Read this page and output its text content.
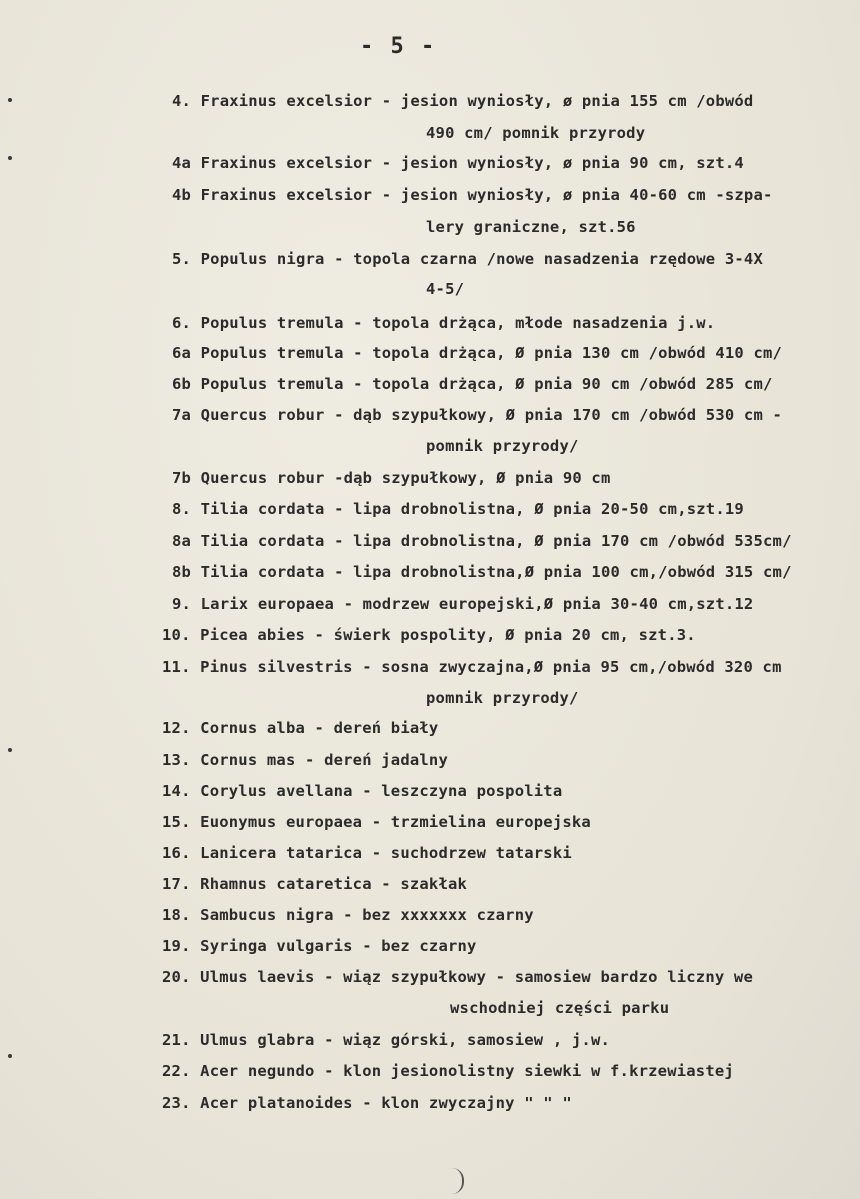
- 5 -
4. Fraxinus excelsior - jesion wyniosły, ø pnia 155 cm /obwód
490 cm/ pomnik przyrody
4a Fraxinus excelsior - jesion wyniosły, ø pnia 90 cm, szt.4
4b Fraxinus excelsior - jesion wyniosły, ø pnia 40-60 cm -szpa-
lery graniczne, szt.56
5. Populus nigra - topola czarna /nowe nasadzenia rzędowe 3-4X
4-5/
6. Populus tremula - topola drżąca, młode nasadzenia j.w.
6a Populus tremula - topola drżąca, Ø pnia 130 cm /obwód 410 cm/
6b Populus tremula - topola drżąca, Ø pnia 90 cm /obwód 285 cm/
7a Quercus robur - dąb szypułkowy, Ø pnia 170 cm /obwód 530 cm -
pomnik przyrody/
7b Quercus robur -dąb szypułkowy, Ø pnia 90 cm
8. Tilia cordata - lipa drobnolistna, Ø pnia 20-50 cm,szt.19
8a Tilia cordata - lipa drobnolistna, Ø pnia 170 cm /obwód 535cm/
8b Tilia cordata - lipa drobnolistna,Ø pnia 100 cm,/obwód 315 cm/
9. Larix europaea - modrzew europejski,Ø pnia 30-40 cm,szt.12
10. Picea abies - świerk pospolity, Ø pnia 20 cm, szt.3.
11. Pinus silvestris - sosna zwyczajna,Ø pnia 95 cm,/obwód 320 cm
pomnik przyrody/
12. Cornus alba - dereń biały
13. Cornus mas - dereń jadalny
14. Corylus avellana - leszczyna pospolita
15. Euonymus europaea - trzmielina europejska
16. Lanicera tatarica - suchodrzew tatarski
17. Rhamnus cataretica - szakłak
18. Sambucus nigra - bez xxxxxxx czarny
19. Syringa vulgaris - bez czarny
20. Ulmus laevis - wiąz szypułkowy - samosiew bardzo liczny we
wschodniej części parku
21. Ulmus glabra - wiąz górski, samosiew , j.w.
22. Acer negundo - klon jesionolistny siewki w f.krzewiastej
23. Acer platanoides - klon zwyczajny " " "
